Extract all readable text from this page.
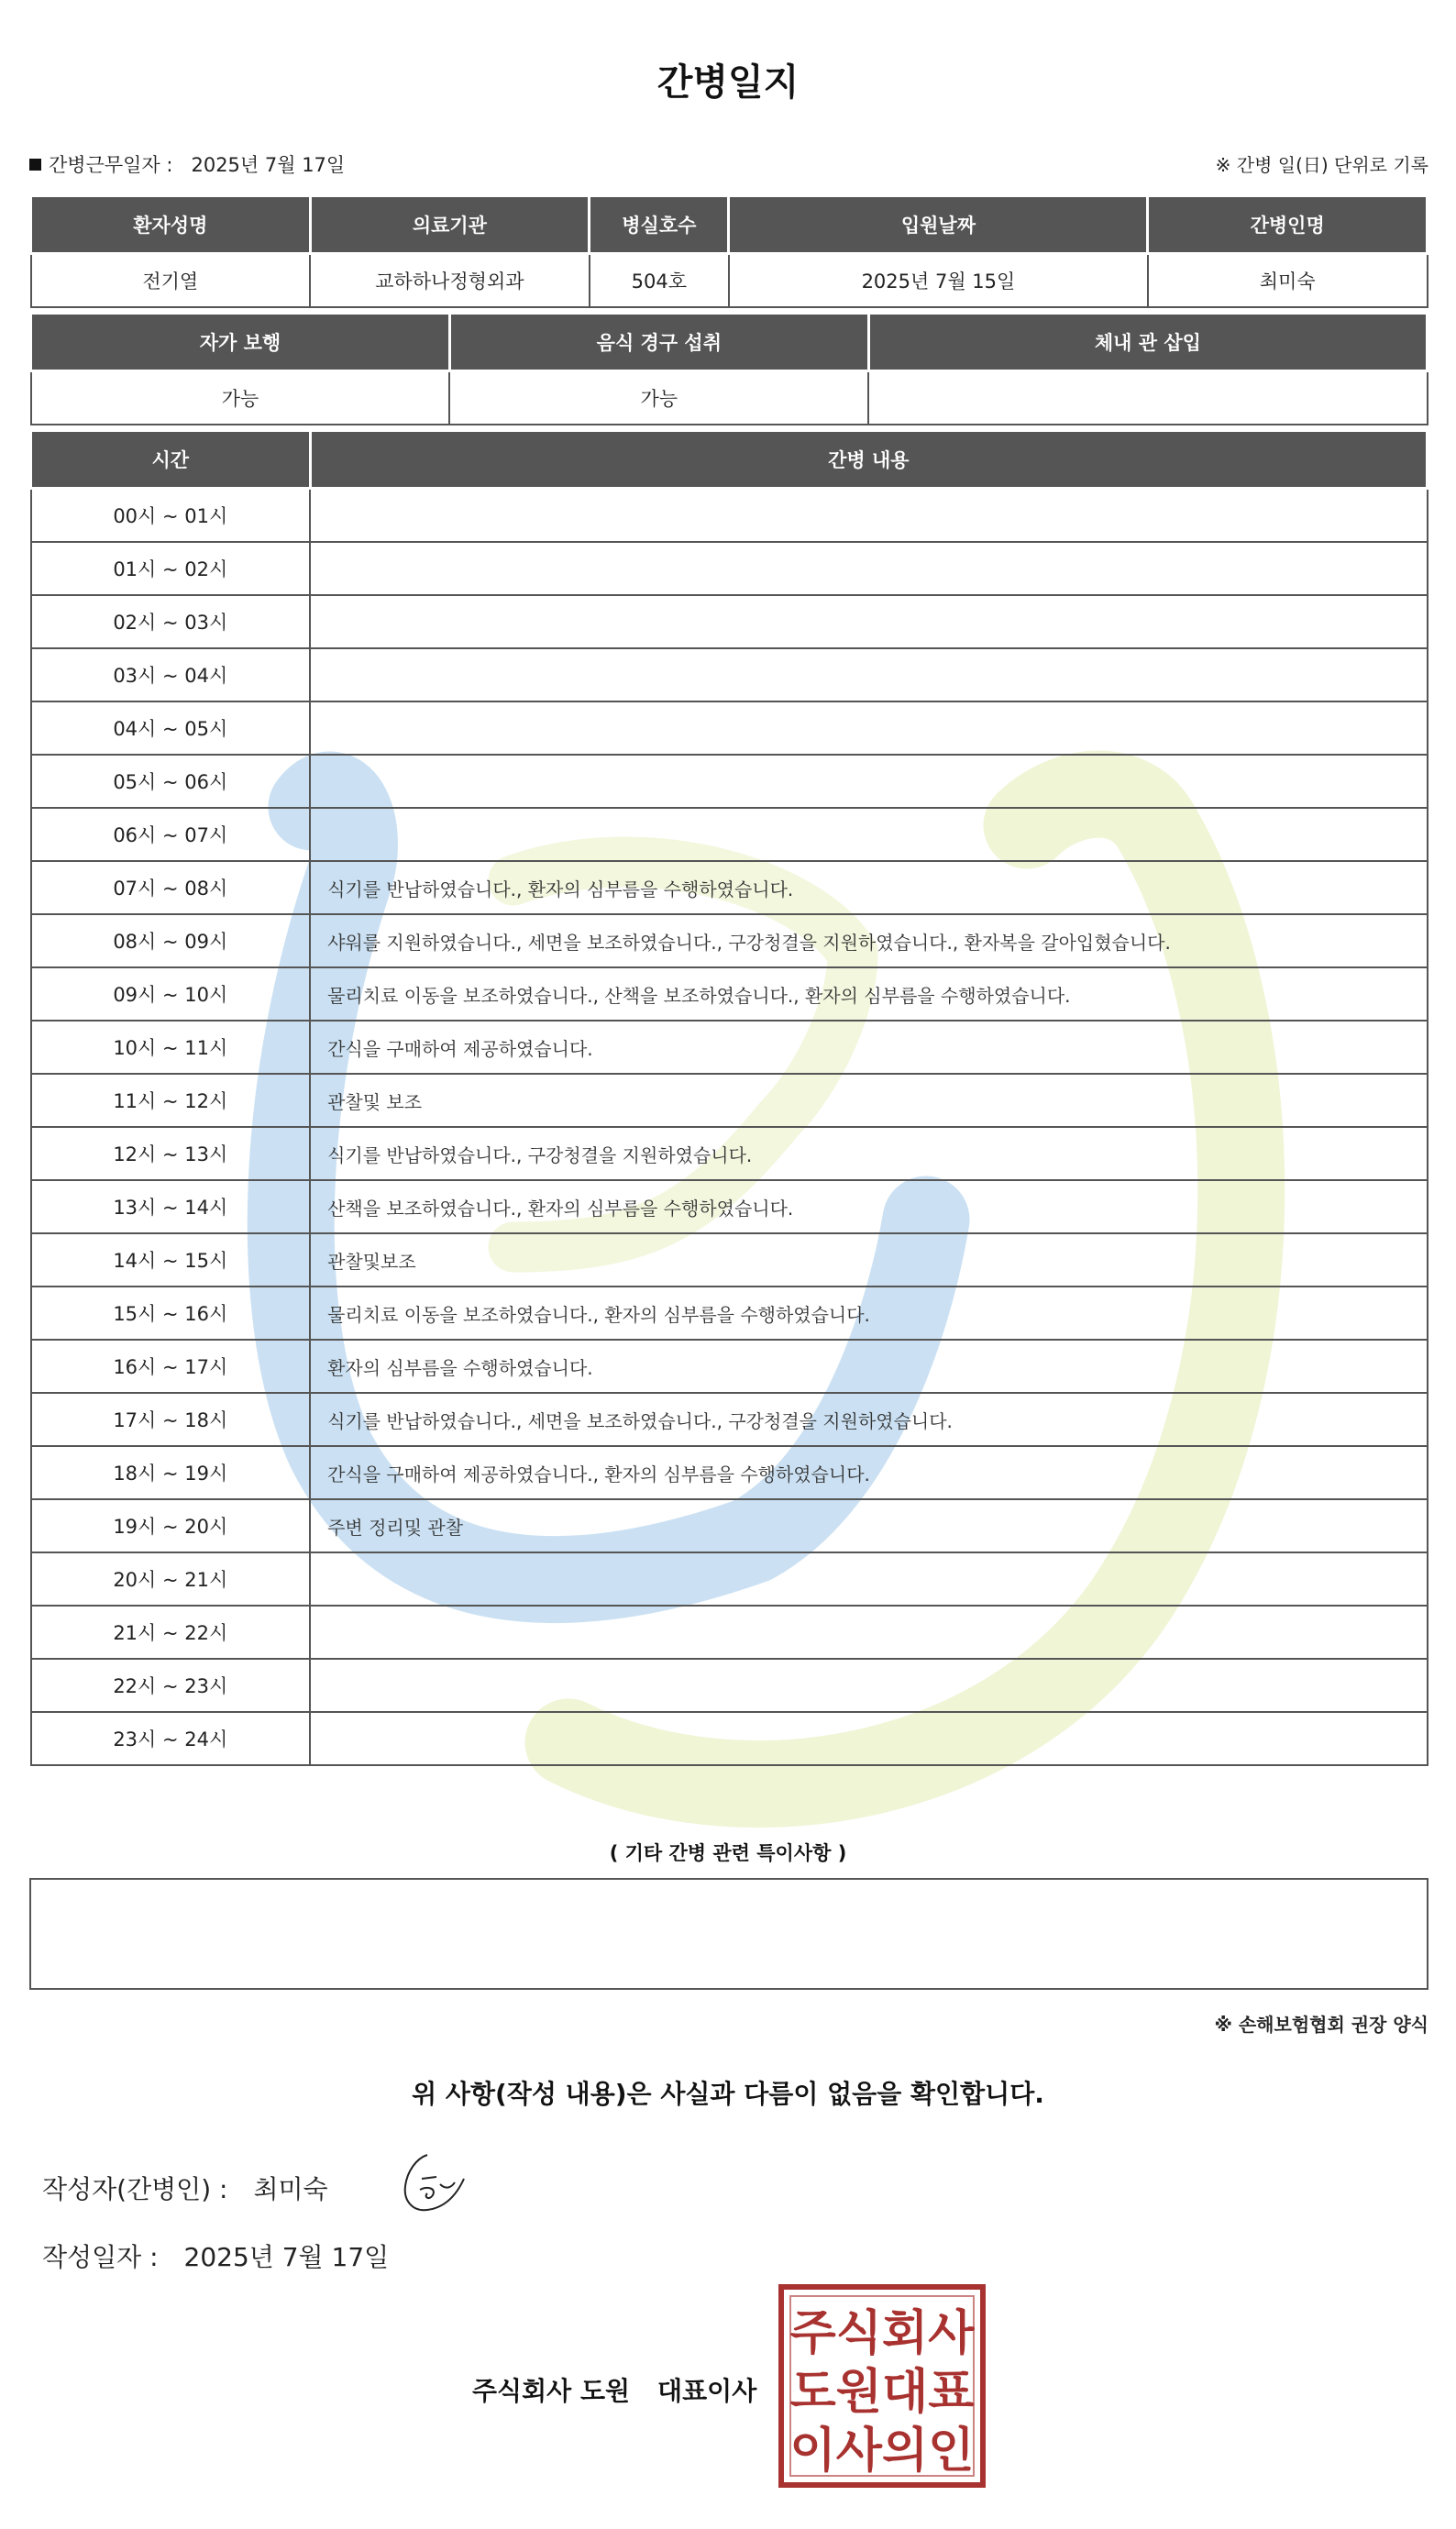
간병일지
간병근무일자 : 2025년 7월 17일	※ 간병 일(日) 단위로 기록
환자성명	의료기관	병실호수	입원날짜	간병인명
전기열	교하하나정형외과	504호	2025년 7월 15일	최미숙
자가 보행	음식 경구 섭취	체내 관 삽입
가능	가능	
시간	간병 내용
00시 ~ 01시	
01시 ~ 02시	
02시 ~ 03시	
03시 ~ 04시	
04시 ~ 05시	
05시 ~ 06시	
06시 ~ 07시	
07시 ~ 08시	식기를 반납하였습니다., 환자의 심부름을 수행하였습니다.
08시 ~ 09시	샤워를 지원하였습니다., 세면을 보조하였습니다., 구강청결을 지원하였습니다., 환자복을 갈아입혔습니다.
09시 ~ 10시	물리치료 이동을 보조하였습니다., 산책을 보조하였습니다., 환자의 심부름을 수행하였습니다.
10시 ~ 11시	간식을 구매하여 제공하였습니다.
11시 ~ 12시	관찰및 보조
12시 ~ 13시	식기를 반납하였습니다., 구강청결을 지원하였습니다.
13시 ~ 14시	산책을 보조하였습니다., 환자의 심부름을 수행하였습니다.
14시 ~ 15시	관찰및보조
15시 ~ 16시	물리치료 이동을 보조하였습니다., 환자의 심부름을 수행하였습니다.
16시 ~ 17시	환자의 심부름을 수행하였습니다.
17시 ~ 18시	식기를 반납하였습니다., 세면을 보조하였습니다., 구강청결을 지원하였습니다.
18시 ~ 19시	간식을 구매하여 제공하였습니다., 환자의 심부름을 수행하였습니다.
19시 ~ 20시	주변 정리및 관찰
20시 ~ 21시	
21시 ~ 22시	
22시 ~ 23시	
23시 ~ 24시	
( 기타 간병 관련 특이사항 )
※ 손해보험협회 권장 양식
위 사항(작성 내용)은 사실과 다름이 없음을 확인합니다.
작성자(간병인) : 최미숙
작성일자 : 2025년 7월 17일
주식회사 도원 대표이사
주식회사
도원대표
이사의인
